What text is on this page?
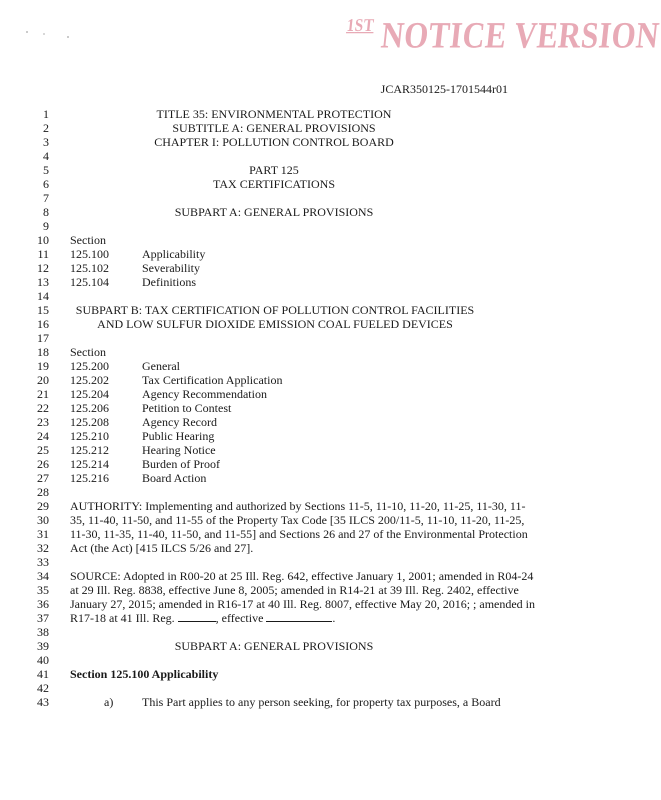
$^{1ST}$ NOTICE VERSION
JCAR350125-1701544r01
1	TITLE 35: ENVIRONMENTAL PROTECTION
2	SUBTITLE A: GENERAL PROVISIONS
3	CHAPTER I: POLLUTION CONTROL BOARD
4
5	PART 125
6	TAX CERTIFICATIONS
7
8	SUBPART A: GENERAL PROVISIONS
9
10 Section
11 125.100	Applicability
12 125.102	Severability
13 125.104	Definitions
14
15	SUBPART B: TAX CERTIFICATION OF POLLUTION CONTROL FACILITIES
16	AND LOW SULFUR DIOXIDE EMISSION COAL FUELED DEVICES
17
18 Section
19 125.200	General
20 125.202	Tax Certification Application
21 125.204	Agency Recommendation
22 125.206	Petition to Contest
23 125.208	Agency Record
24 125.210	Public Hearing
25 125.212	Hearing Notice
26 125.214	Burden of Proof
27 125.216	Board Action
28
29 AUTHORITY: Implementing and authorized by Sections 11-5, 11-10, 11-20, 11-25, 11-30, 11-
30 35, 11-40, 11-50, and 11-55 of the Property Tax Code [35 ILCS 200/11-5, 11-10, 11-20, 11-25,
31 11-30, 11-35, 11-40, 11-50, and 11-55] and Sections 26 and 27 of the Environmental Protection
32 Act (the Act) [415 ILCS 5/26 and 27].
33
34 SOURCE: Adopted in R00-20 at 25 Ill. Reg. 642, effective January 1, 2001; amended in R04-24
35 at 29 Ill. Reg. 8838, effective June 8, 2005; amended in R14-21 at 39 Ill. Reg. 2402, effective
36 January 27, 2015; amended in R16-17 at 40 Ill. Reg. 8007, effective May 20, 2016; ; amended in
37 R17-18 at 41 Ill. Reg.	, effective	.
38
39	SUBPART A: GENERAL PROVISIONS
40
41 Section 125.100 Applicability
42
43	a) This Part applies to any person seeking, for property tax purposes, a Board
